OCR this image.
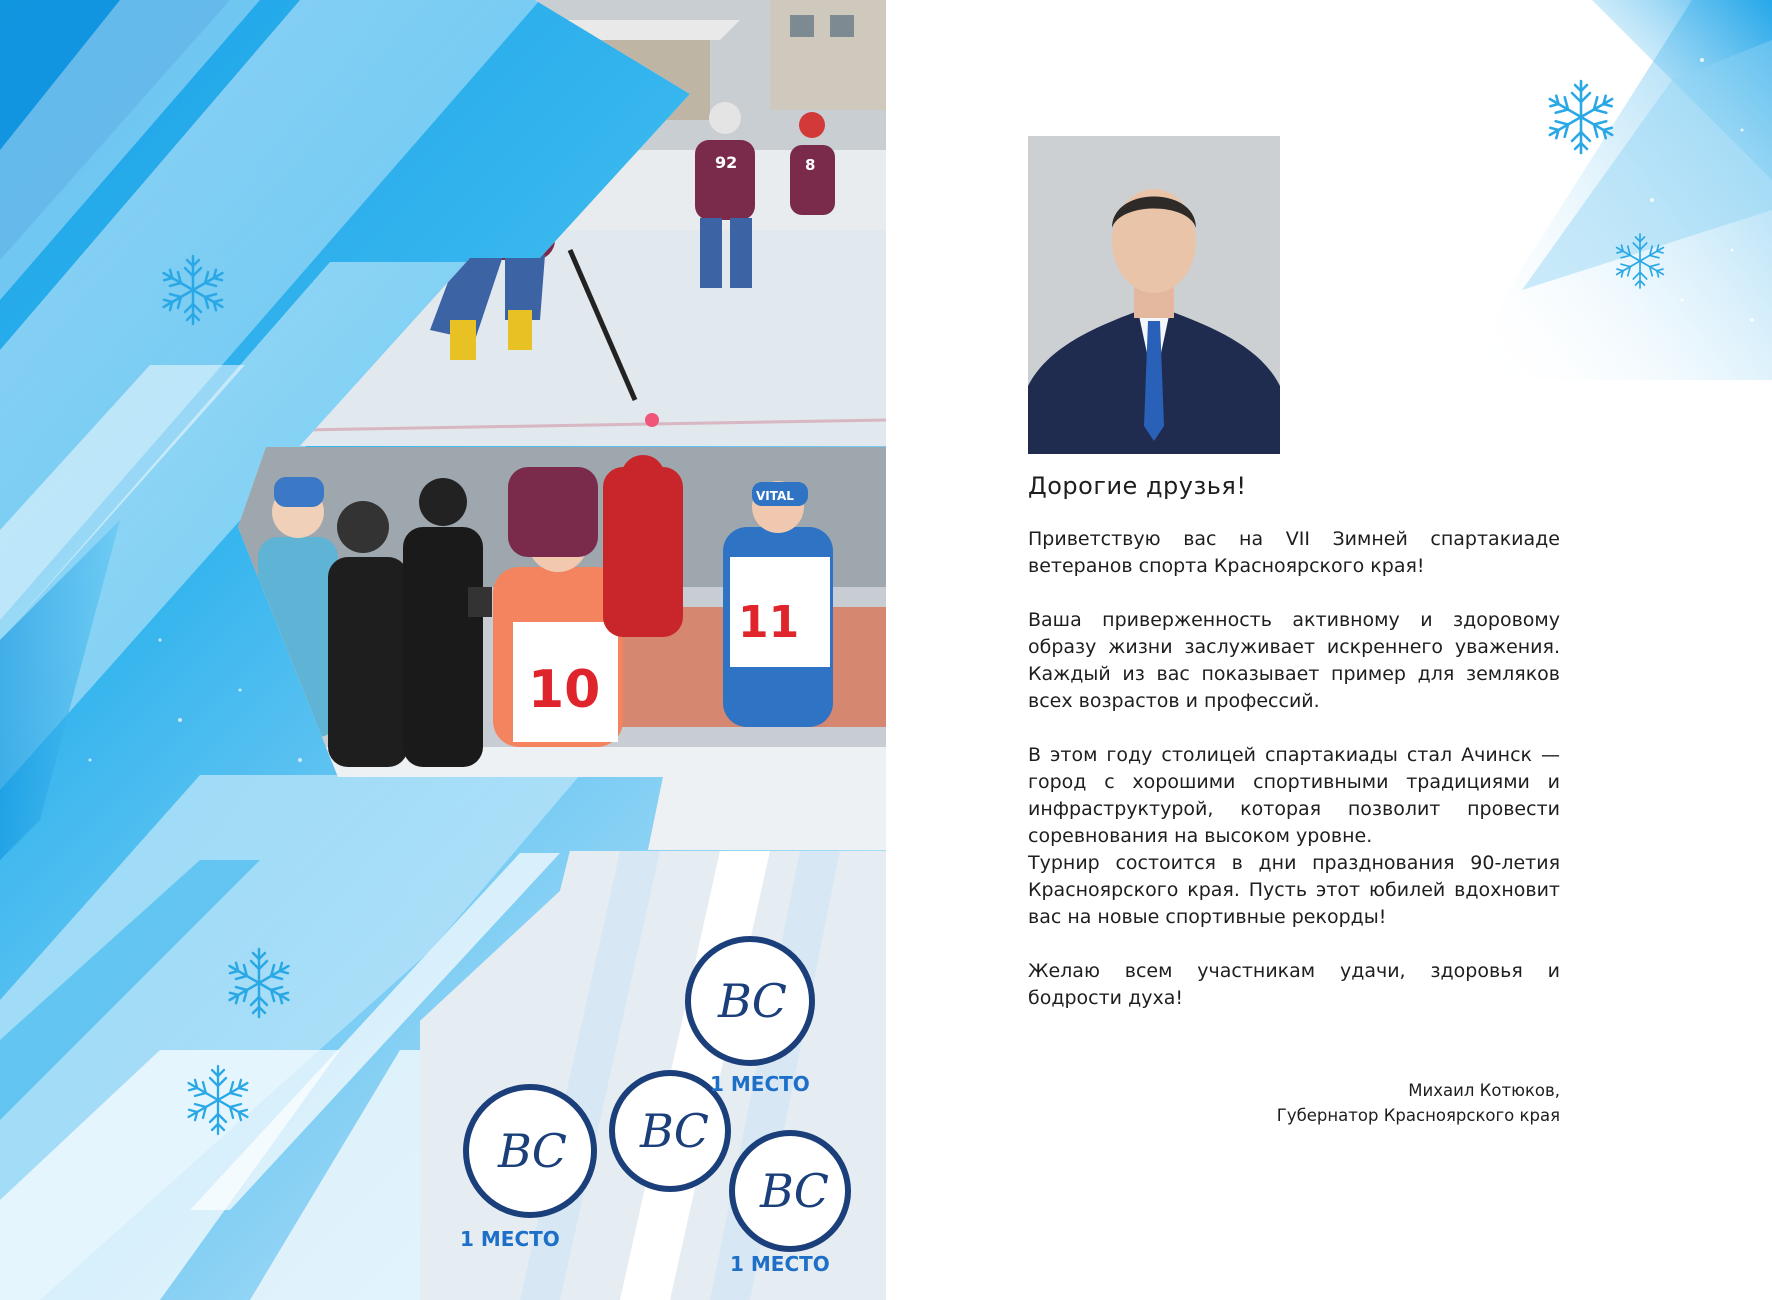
92
99
8
10
VITAL
11
ВС
ВС ВС
ВС
1 МЕСТО
1 МЕСТО
1 МЕСТО
Дорогие друзья!

Приветствую вас на VII Зимней спартакиаде ветеранов спорта Красноярского края!

Ваша приверженность активному и здоровому образу жизни заслуживает искреннего уважения. Каждый из вас показывает пример для земляков всех возрастов и профессий.

В этом году столицей спартакиады стал Ачинск — город с хорошими спортивными традициями и инфраструктурой, которая позволит провести соревнования на высоком уровне.
Турнир состоится в дни празднования 90-летия Красноярского края. Пусть этот юбилей вдохновит вас на новые спортивные рекорды!

Желаю всем участникам удачи, здоровья и бодрости духа!

Михаил Котюков,
Губернатор Красноярского края
